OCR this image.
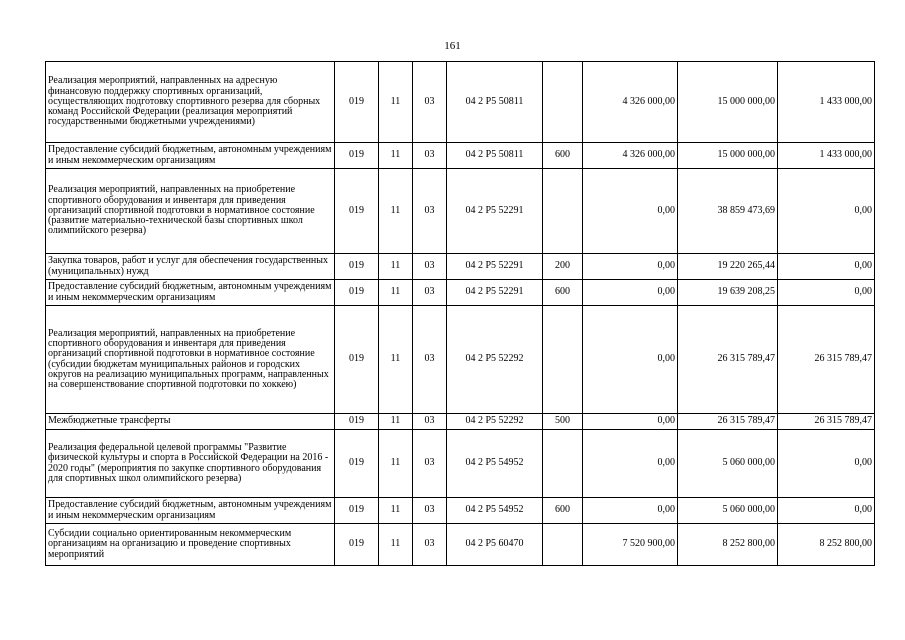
161
Реализация мероприятий, направленных на адресную финансовую поддержку спортивных организаций, осуществляющих подготовку спортивного резерва для сборных команд Российской Федерации (реализация мероприятий государственными бюджетными учреждениями)	019	11	03	04 2 P5 50811		4 326 000,00	15 000 000,00	1 433 000,00
Предоставление субсидий бюджетным, автономным учреждениям и иным некоммерческим организациям	019	11	03	04 2 P5 50811	600	4 326 000,00	15 000 000,00	1 433 000,00
Реализация мероприятий, направленных на приобретение спортивного оборудования и инвентаря для приведения организаций спортивной подготовки в нормативное состояние (развитие материально-технической базы спортивных школ олимпийского резерва)	019	11	03	04 2 P5 52291		0,00	38 859 473,69	0,00
Закупка товаров, работ и услуг для обеспечения государственных (муниципальных) нужд	019	11	03	04 2 P5 52291	200	0,00	19 220 265,44	0,00
Предоставление субсидий бюджетным, автономным учреждениям и иным некоммерческим организациям	019	11	03	04 2 P5 52291	600	0,00	19 639 208,25	0,00
Реализация мероприятий, направленных на приобретение спортивного оборудования и инвентаря для приведения организаций спортивной подготовки в нормативное состояние (субсидии бюджетам муниципальных районов и городских округов на реализацию муниципальных программ, направленных на совершенствование спортивной подготовки по хоккею)	019	11	03	04 2 P5 52292		0,00	26 315 789,47	26 315 789,47
Межбюджетные трансферты	019	11	03	04 2 P5 52292	500	0,00	26 315 789,47	26 315 789,47
Реализация федеральной целевой программы "Развитие физической культуры и спорта в Российской Федерации на 2016 - 2020 годы" (мероприятия по закупке спортивного оборудования для спортивных школ олимпийского резерва)	019	11	03	04 2 P5 54952		0,00	5 060 000,00	0,00
Предоставление субсидий бюджетным, автономным учреждениям и иным некоммерческим организациям	019	11	03	04 2 P5 54952	600	0,00	5 060 000,00	0,00
Субсидии социально ориентированным некоммерческим организациям на организацию и проведение спортивных мероприятий	019	11	03	04 2 P5 60470		7 520 900,00	8 252 800,00	8 252 800,00
